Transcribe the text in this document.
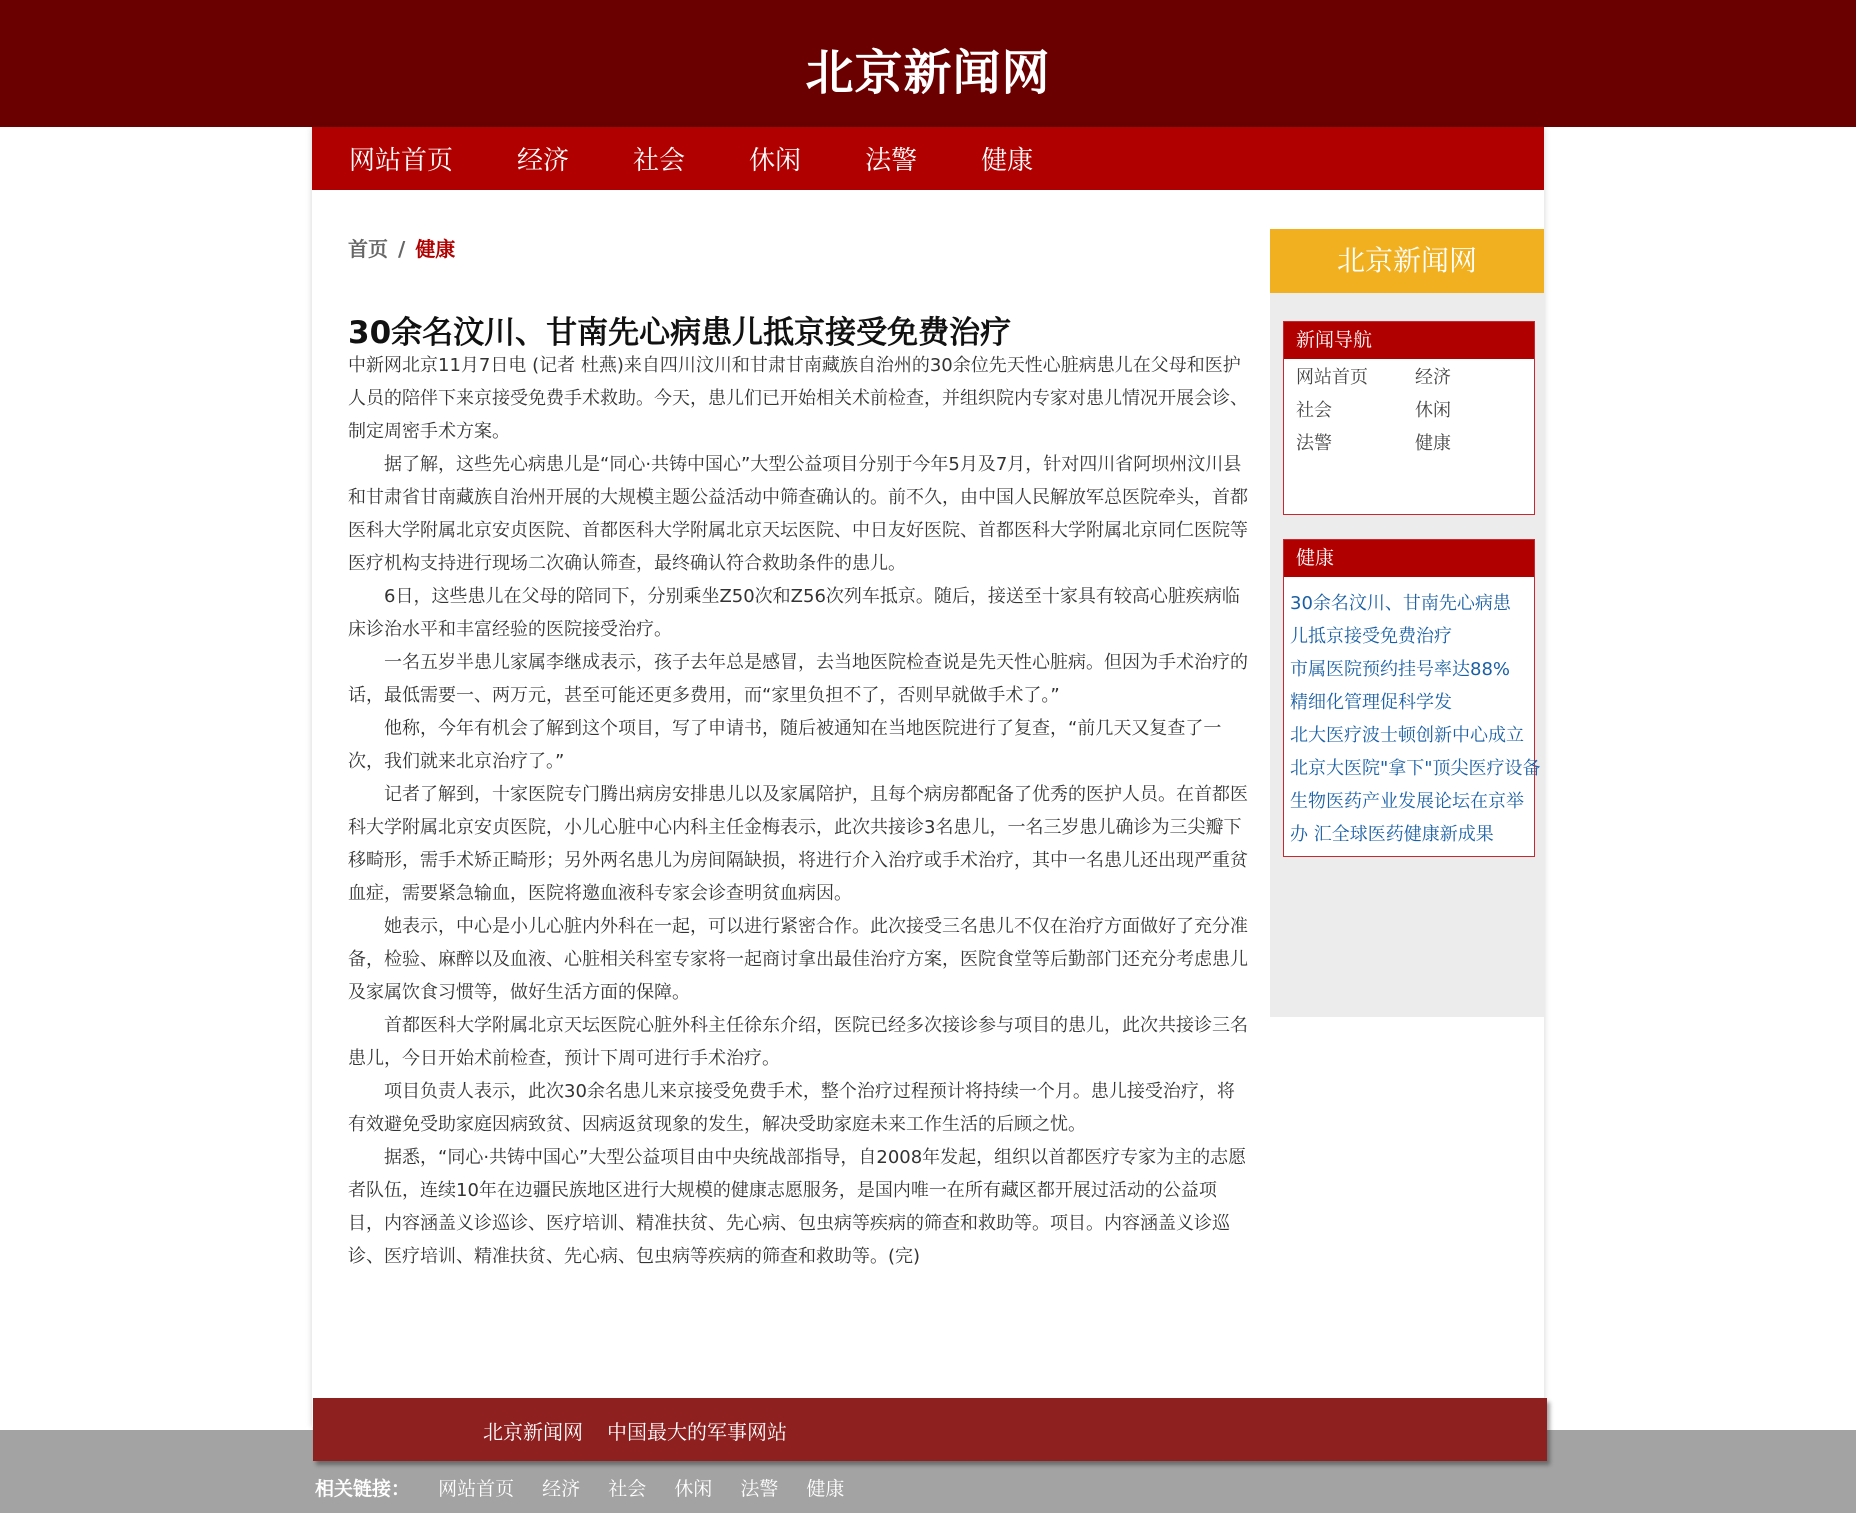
北京新闻网
网站首页 经济 社会 休闲 法警 健康
首页 / 健康
30余名汶川、甘南先心病患儿抵京接受免费治疗

中新网北京11月7日电 (记者 杜燕)来自四川汶川和甘肃甘南藏族自治州的30余位先天性心脏病患儿在父母和医护人员的陪伴下来京接受免费手术救助。今天，患儿们已开始相关术前检查，并组织院内专家对患儿情况开展会诊、制定周密手术方案。

据了解，这些先心病患儿是“同心·共铸中国心”大型公益项目分别于今年5月及7月，针对四川省阿坝州汶川县和甘肃省甘南藏族自治州开展的大规模主题公益活动中筛查确认的。前不久，由中国人民解放军总医院牵头，首都医科大学附属北京安贞医院、首都医科大学附属北京天坛医院、中日友好医院、首都医科大学附属北京同仁医院等医疗机构支持进行现场二次确认筛查，最终确认符合救助条件的患儿。

6日，这些患儿在父母的陪同下，分别乘坐Z50次和Z56次列车抵京。随后，接送至十家具有较高心脏疾病临床诊治水平和丰富经验的医院接受治疗。

一名五岁半患儿家属李继成表示，孩子去年总是感冒，去当地医院检查说是先天性心脏病。但因为手术治疗的话，最低需要一、两万元，甚至可能还更多费用，而“家里负担不了，否则早就做手术了。”

他称，今年有机会了解到这个项目，写了申请书，随后被通知在当地医院进行了复查，“前几天又复查了一次，我们就来北京治疗了。”

记者了解到，十家医院专门腾出病房安排患儿以及家属陪护，且每个病房都配备了优秀的医护人员。在首都医科大学附属北京安贞医院，小儿心脏中心内科主任金梅表示，此次共接诊3名患儿，一名三岁患儿确诊为三尖瓣下移畸形，需手术矫正畸形；另外两名患儿为房间隔缺损，将进行介入治疗或手术治疗，其中一名患儿还出现严重贫血症，需要紧急输血，医院将邀血液科专家会诊查明贫血病因。

她表示，中心是小儿心脏内外科在一起，可以进行紧密合作。此次接受三名患儿不仅在治疗方面做好了充分准备，检验、麻醉以及血液、心脏相关科室专家将一起商讨拿出最佳治疗方案，医院食堂等后勤部门还充分考虑患儿及家属饮食习惯等，做好生活方面的保障。

首都医科大学附属北京天坛医院心脏外科主任徐东介绍，医院已经多次接诊参与项目的患儿，此次共接诊三名患儿，今日开始术前检查，预计下周可进行手术治疗。

项目负责人表示，此次30余名患儿来京接受免费手术，整个治疗过程预计将持续一个月。患儿接受治疗，将有效避免受助家庭因病致贫、因病返贫现象的发生，解决受助家庭未来工作生活的后顾之忧。

据悉，“同心·共铸中国心”大型公益项目由中央统战部指导，自2008年发起，组织以首都医疗专家为主的志愿者队伍，连续10年在边疆民族地区进行大规模的健康志愿服务，是国内唯一在所有藏区都开展过活动的公益项目，内容涵盖义诊巡诊、医疗培训、精准扶贫、先心病、包虫病等疾病的筛查和救助等。项目。内容涵盖义诊巡诊、医疗培训、精准扶贫、先心病、包虫病等疾病的筛查和救助等。(完)

北京新闻网
新闻导航
网站首页	经济
社会	休闲
法警	健康
健康
30余名汶川、甘南先心病患儿抵京接受免费治疗
市属医院预约挂号率达88% 精细化管理促科学发
北大医疗波士顿创新中心成立
北京大医院"拿下"顶尖医疗设备
生物医药产业发展论坛在京举办 汇全球医药健康新成果
北京新闻网 中国最大的军事网站
相关链接： 网站首页 经济 社会 休闲 法警 健康
